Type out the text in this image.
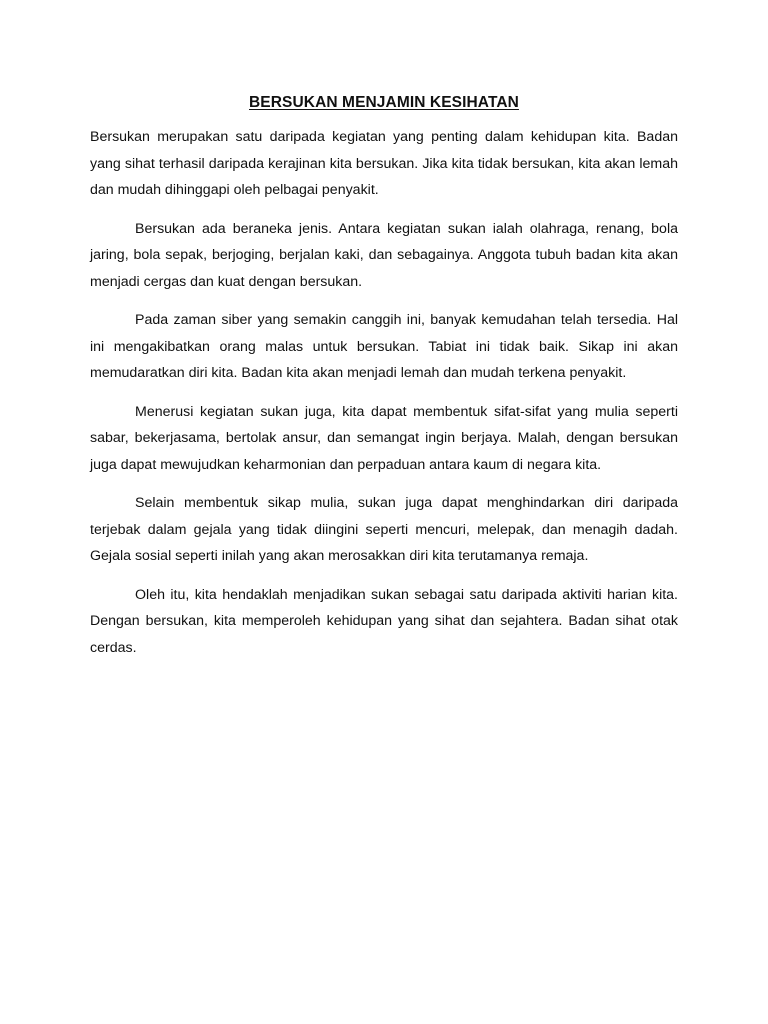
BERSUKAN MENJAMIN KESIHATAN

Bersukan merupakan satu daripada kegiatan yang penting dalam kehidupan kita. Badan yang sihat terhasil daripada kerajinan kita bersukan. Jika kita tidak bersukan, kita akan lemah dan mudah dihinggapi oleh pelbagai penyakit.

Bersukan ada beraneka jenis. Antara kegiatan sukan ialah olahraga, renang, bola jaring, bola sepak, berjoging, berjalan kaki, dan sebagainya. Anggota tubuh badan kita akan menjadi cergas dan kuat dengan bersukan.

Pada zaman siber yang semakin canggih ini, banyak kemudahan telah tersedia. Hal ini mengakibatkan orang malas untuk bersukan. Tabiat ini tidak baik. Sikap ini akan memudaratkan diri kita. Badan kita akan menjadi lemah dan mudah terkena penyakit.

Menerusi kegiatan sukan juga, kita dapat membentuk sifat-sifat yang mulia seperti sabar, bekerjasama, bertolak ansur, dan semangat ingin berjaya. Malah, dengan bersukan juga dapat mewujudkan keharmonian dan perpaduan antara kaum di negara kita.

Selain membentuk sikap mulia, sukan juga dapat menghindarkan diri daripada terjebak dalam gejala yang tidak diingini seperti mencuri, melepak, dan menagih dadah. Gejala sosial seperti inilah yang akan merosakkan diri kita terutamanya remaja.

Oleh itu, kita hendaklah menjadikan sukan sebagai satu daripada aktiviti harian kita. Dengan bersukan, kita memperoleh kehidupan yang sihat dan sejahtera. Badan sihat otak cerdas.
